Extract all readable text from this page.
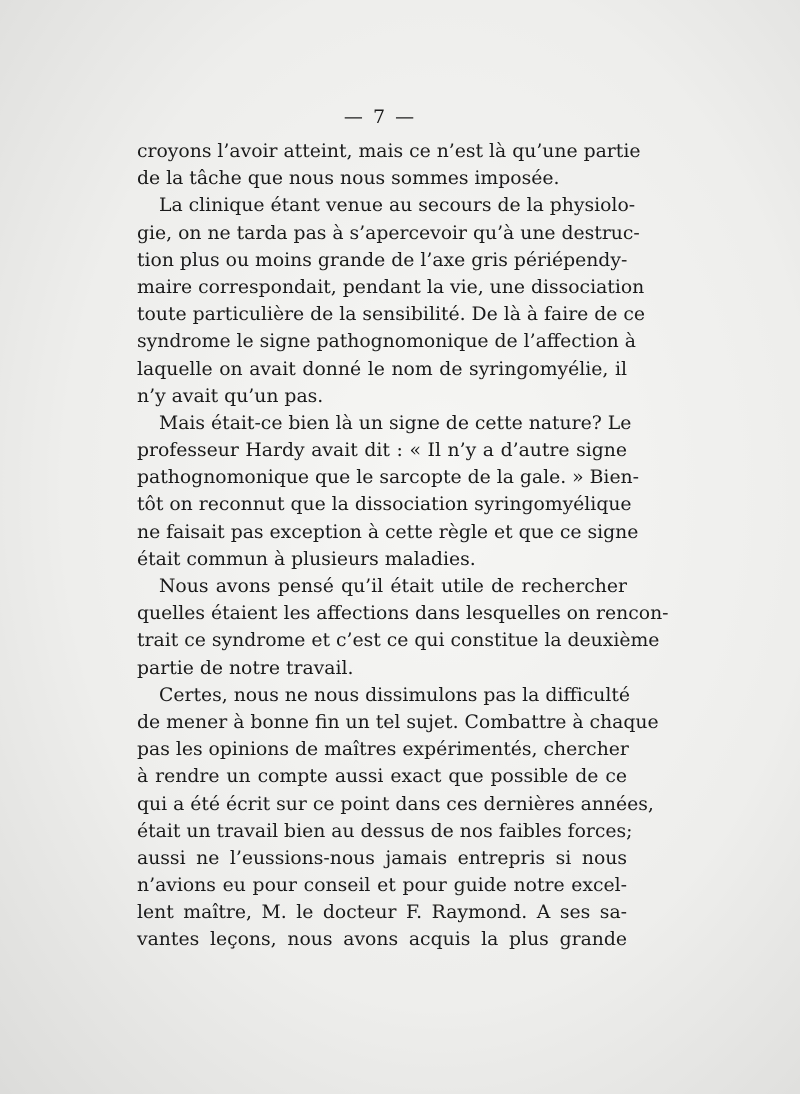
— 7 —
croyons l’avoir atteint, mais ce n’est là qu’une partie
de la tâche que nous nous sommes imposée.
La clinique étant venue au secours de la physiolo-
gie, on ne tarda pas à s’apercevoir qu’à une destruc-
tion plus ou moins grande de l’axe gris périépendy-
maire correspondait, pendant la vie, une dissociation
toute particulière de la sensibilité. De là à faire de ce
syndrome le signe pathognomonique de l’affection à
laquelle on avait donné le nom de syringomyélie, il
n’y avait qu’un pas.
Mais était-ce bien là un signe de cette nature? Le
professeur Hardy avait dit : « Il n’y a d’autre signe
pathognomonique que le sarcopte de la gale. » Bien-
tôt on reconnut que la dissociation syringomyélique
ne faisait pas exception à cette règle et que ce signe
était commun à plusieurs maladies.
Nous avons pensé qu’il était utile de rechercher
quelles étaient les affections dans lesquelles on rencon-
trait ce syndrome et c’est ce qui constitue la deuxième
partie de notre travail.
Certes, nous ne nous dissimulons pas la difficulté
de mener à bonne fin un tel sujet. Combattre à chaque
pas les opinions de maîtres expérimentés, chercher
à rendre un compte aussi exact que possible de ce
qui a été écrit sur ce point dans ces dernières années,
était un travail bien au dessus de nos faibles forces;
aussi ne l’eussions-nous jamais entrepris si nous
n’avions eu pour conseil et pour guide notre excel-
lent maître, M. le docteur F. Raymond. A ses sa-
vantes leçons, nous avons acquis la plus grande
